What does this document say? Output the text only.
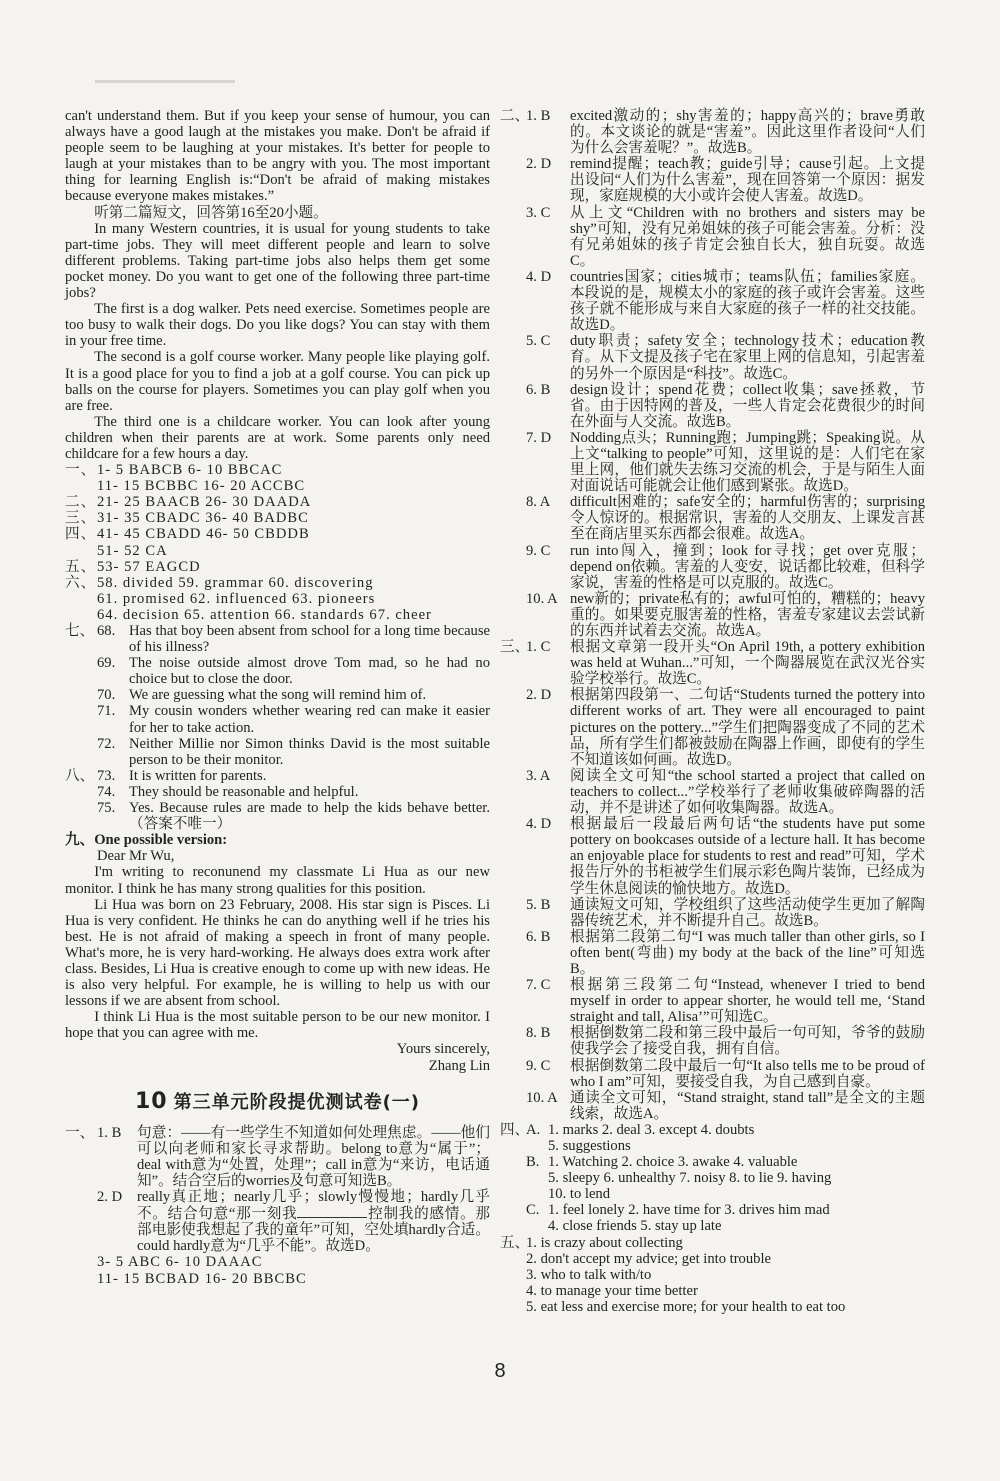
can't understand them. But if you keep your sense of humour, you can always have a good laugh at the mistakes you make. Don't be afraid if people seem to be laughing at your mistakes. It's better for people to laugh at your mistakes than to be angry with you. The most important thing for learning English is:“Don't be afraid of making mistakes because everyone makes mistakes.”

听第二篇短文，回答第16至20小题。

In many Western countries, it is usual for young students to take part-time jobs. They will meet different people and learn to solve different problems. Taking part-time jobs also helps them get some pocket money. Do you want to get one of the following three part-time jobs?

The first is a dog walker. Pets need exercise. Sometimes people are too busy to walk their dogs. Do you like dogs? You can stay with them in your free time.

The second is a golf course worker. Many people like playing golf. It is a good place for you to find a job at a golf course. You can pick up balls on the course for players. Sometimes you can play golf when you are free.

The third one is a childcare worker. You can look after young children when their parents are at work. Some parents only need childcare for a few hours a day.

一、 1- 5 BABCB 6- 10 BBCAC
11- 15 BCBBC 16- 20 ACCBC
二、 21- 25 BAACB 26- 30 DAADA
三、 31- 35 CBADC 36- 40 BADBC
四、 41- 45 CBADD 46- 50 CBDDB
51- 52 CA
五、 53- 57 EAGCD
六、 58. divided 59. grammar 60. discovering
61. promised 62. influenced 63. pioneers
64. decision 65. attention 66. standards 67. cheer
七、 68. Has that boy been absent from school for a long time because of his illness?
69. The noise outside almost drove Tom mad, so he had no choice but to close the door.
70. We are guessing what the song will remind him of.
71. My cousin wonders whether wearing red can make it easier for her to take action.
72. Neither Millie nor Simon thinks David is the most suitable person to be their monitor.
八、 73. It is written for parents.
74. They should be reasonable and helpful.
75. Yes. Because rules are made to help the kids behave better.（答案不唯一）

九、One possible version:

Dear Mr Wu,

I'm writing to reconunend my classmate Li Hua as our new monitor. I think he has many strong qualities for this position.

Li Hua was born on 23 February, 2008. His star sign is Pisces. Li Hua is very confident. He thinks he can do anything well if he tries his best. He is not afraid of making a speech in front of many people. What's more, he is very hard-working. He always does extra work after class. Besides, Li Hua is creative enough to come up with new ideas. He is also very helpful. For example, he is willing to help us with our lessons if we are absent from school.

I think Li Hua is the most suitable person to be our new monitor. I hope that you can agree with me.

Yours sincerely,

Zhang Lin

10 第三单元阶段提优测试卷(一)
一、 1. B	句意：——有一些学生不知道如何处理焦虑。——他们可以向老师和家长寻求帮助。belong to意为“属于”；deal with意为“处置，处理”；call in意为“来访，电话通知”。结合空后的worries及句意可知选B。
2. D	really真正地；nearly几乎；slowly慢慢地；hardly几乎不。结合句意“那一刻我	控制我的感情。那部电影使我想起了我的童年”可知，空处填hardly合适。could hardly意为“几乎不能”。故选D。
3- 5 ABC 6- 10 DAAAC
11- 15 BCBAD 16- 20 BBCBC
二、
1. B	excited激动的；shy害羞的；happy高兴的；brave勇敢的。本文谈论的就是“害羞”。因此这里作者设问“人们为什么会害羞呢？”。故选B。
2. D	remind提醒；teach教；guide引导；cause引起。上文提出设问“人们为什么害羞”，现在回答第一个原因：据发现，家庭规模的大小或许会使人害羞。故选D。
3. C	从上文“Children with no brothers and sisters may be shy”可知，没有兄弟姐妹的孩子可能会害羞。分析：没有兄弟姐妹的孩子肯定会独自长大，独自玩耍。故选C。
4. D	countries国家；cities城市；teams队伍；families家庭。本段说的是，规模太小的家庭的孩子或许会害羞。这些孩子就不能形成与来自大家庭的孩子一样的社交技能。故选D。
5. C	duty职责；safety安全；technology技术；education教育。从下文提及孩子宅在家里上网的信息知，引起害羞的另外一个原因是“科技”。故选C。
6. B	design设计；spend花费；collect收集；save拯救，节省。由于因特网的普及，一些人肯定会花费很少的时间在外面与人交流。故选B。
7. D	Nodding点头；Running跑；Jumping跳；Speaking说。从上文“talking to people”可知，这里说的是：人们宅在家里上网，他们就失去练习交流的机会，于是与陌生人面对面说话可能就会让他们感到紧张。故选D。
8. A	difficult困难的；safe安全的；harmful伤害的；surprising令人惊讶的。根据常识，害羞的人交朋友、上课发言甚至在商店里买东西都会很难。故选A。
9. C	run into闯入，撞到；look for寻找；get over克服；depend on依赖。害羞的人变安，说话都比较难，但科学家说，害羞的性格是可以克服的。故选C。
10. A new新的；private私有的；awful可怕的，糟糕的；heavy重的。如果要克服害羞的性格，害羞专家建议去尝试新的东西并试着去交流。故选A。
三、
1. C	根据文章第一段开头“On April 19th, a pottery exhibition was held at Wuhan...”可知，一个陶器展览在武汉光谷实验学校举行。故选C。
2. D	根据第四段第一、二句话“Students turned the pottery into different works of art. They were all encouraged to paint pictures on the pottery...”学生们把陶器变成了不同的艺术品，所有学生们都被鼓励在陶器上作画，即使有的学生不知道该如何画。故选D。
3. A	阅读全文可知“the school started a project that called on teachers to collect...”学校举行了老师收集破碎陶器的活动，并不是讲述了如何收集陶器。故选A。
4. D	根据最后一段最后两句话“the students have put some pottery on bookcases outside of a lecture hall. It has become an enjoyable place for students to rest and read”可知，学术报告厅外的书柜被学生们展示彩色陶片装饰，已经成为学生休息阅读的愉快地方。故选D。
5. B	通读短文可知，学校组织了这些活动使学生更加了解陶器传统艺术，并不断提升自己。故选B。
6. B	根据第二段第二句“I was much taller than other girls, so I often bent(弯曲) my body at the back of the line”可知选B。
7. C	根据第三段第二句“Instead, whenever I tried to bend myself in order to appear shorter, he would tell me, ‘Stand straight and tall, Alisa’”可知选C。
8. B	根据倒数第二段和第三段中最后一句可知，爷爷的鼓励使我学会了接受自我，拥有自信。
9. C	根据倒数第二段中最后一句“It also tells me to be proud of who I am”可知，要接受自我，为自己感到自豪。
10. A 通读全文可知，“Stand straight, stand tall”是全文的主题线索，故选A。
四、
A. 1. marks 2. deal 3. except 4. doubts
5. suggestions
B. 1. Watching 2. choice 3. awake 4. valuable
5. sleepy 6. unhealthy 7. noisy 8. to lie 9. having
10. to lend
C. 1. feel lonely 2. have time for 3. drives him mad
4. close friends 5. stay up late
五、
1. is crazy about collecting
2. don't accept my advice; get into trouble
3. who to talk with/to
4. to manage your time better
5. eat less and exercise more; for your health to eat too
8
